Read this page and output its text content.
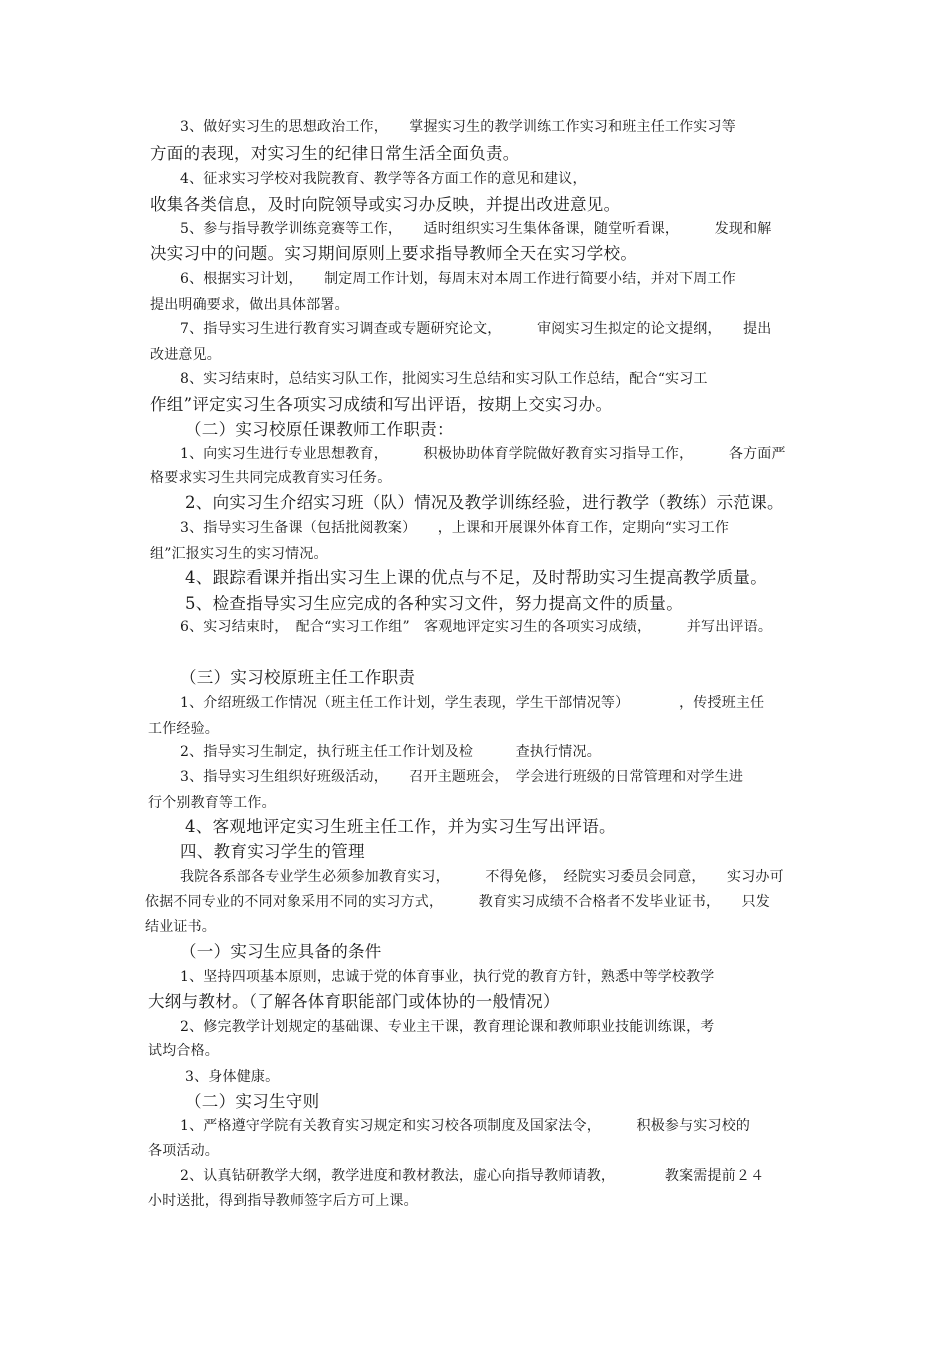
3、做好实习生的思想政治工作，　　掌握实习生的教学训练工作实习和班主任工作实习等
方面的表现，对实习生的纪律日常生活全面负责。
4、征求实习学校对我院教育、教学等各方面工作的意见和建议，
收集各类信息，及时向院领导或实习办反映，并提出改进意见。
5、参与指导教学训练竞赛等工作，　　适时组织实习生集体备课，随堂听看课，　　　发现和解
决实习中的问题。实习期间原则上要求指导教师全天在实习学校。
6、根据实习计划，　　制定周工作计划，每周末对本周工作进行简要小结，并对下周工作
提出明确要求，做出具体部署。
7、指导实习生进行教育实习调查或专题研究论文，　　　审阅实习生拟定的论文提纲，　　提出
改进意见。
8、实习结束时，总结实习队工作，批阅实习生总结和实习队工作总结，配合“实习工
作组”评定实习生各项实习成绩和写出评语，按期上交实习办。
（二）实习校原任课教师工作职责：
1、向实习生进行专业思想教育，　　　积极协助体育学院做好教育实习指导工作，　　　各方面严
格要求实习生共同完成教育实习任务。
2、向实习生介绍实习班（队）情况及教学训练经验，进行教学（教练）示范课。
3、指导实习生备课（包括批阅教案）　　，上课和开展课外体育工作，定期向“实习工作
组”汇报实习生的实习情况。
4、跟踪看课并指出实习生上课的优点与不足，及时帮助实习生提高教学质量。
5、检查指导实习生应完成的各种实习文件，努力提高文件的质量。
6、实习结束时，　配合“实习工作组”　客观地评定实习生的各项实习成绩，　　　并写出评语。
（三）实习校原班主任工作职责
1、介绍班级工作情况（班主任工作计划，学生表现，学生干部情况等）　　　　，传授班主任
工作经验。
2、指导实习生制定，执行班主任工作计划及检　　　查执行情况。
3、指导实习生组织好班级活动，　　召开主题班会，　学会进行班级的日常管理和对学生进
行个别教育等工作。
4、客观地评定实习生班主任工作，并为实习生写出评语。
四、教育实习学生的管理
我院各系部各专业学生必须参加教育实习，　　　不得免修，　经院实习委员会同意，　　实习办可
依据不同专业的不同对象采用不同的实习方式，　　　教育实习成绩不合格者不发毕业证书，　　只发
结业证书。
（一）实习生应具备的条件
1、坚持四项基本原则，忠诚于党的体育事业，执行党的教育方针，熟悉中等学校教学
大纲与教材。（了解各体育职能部门或体协的一般情况）
2、修完教学计划规定的基础课、专业主干课，教育理论课和教师职业技能训练课，考
试均合格。
3、身体健康。
（二）实习生守则
1、严格遵守学院有关教育实习规定和实习校各项制度及国家法令，　　　积极参与实习校的
各项活动。
2、认真钻研教学大纲，教学进度和教材教法，虚心向指导教师请教，　　　　教案需提前２４
小时送批，得到指导教师签字后方可上课。
